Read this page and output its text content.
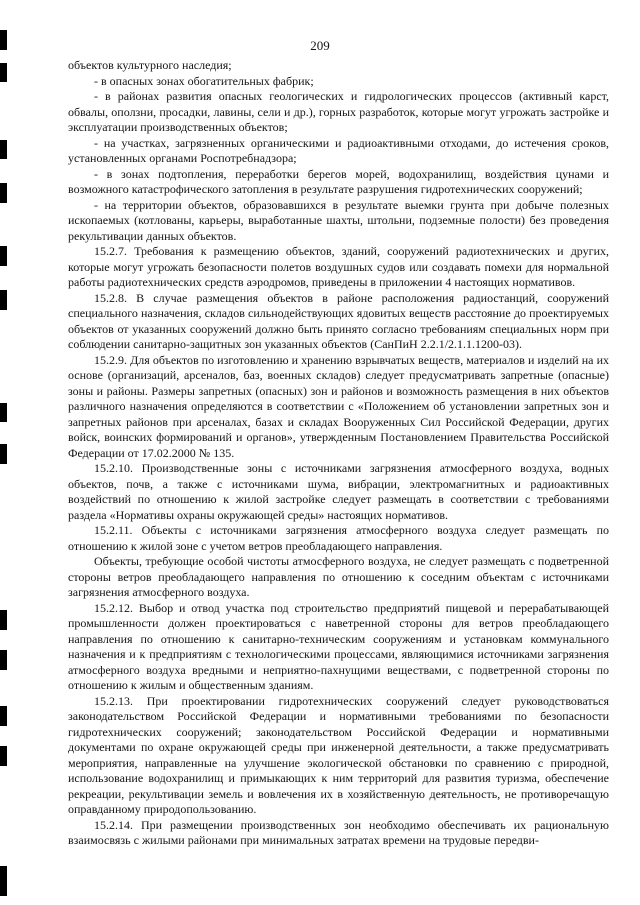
209

объектов культурного наследия;

- в опасных зонах обогатительных фабрик;

- в районах развития опасных геологических и гидрологических процессов (активный карст, обвалы, оползни, просадки, лавины, сели и др.), горных разработок, которые могут угрожать застройке и эксплуатации производственных объектов;

- на участках, загрязненных органическими и радиоактивными отходами, до истечения сроков, установленных органами Роспотребнадзора;

- в зонах подтопления, переработки берегов морей, водохранилищ, воздействия цунами и возможного катастрофического затопления в результате разрушения гидротехнических сооружений;

- на территории объектов, образовавшихся в результате выемки грунта при добыче полезных ископаемых (котлованы, карьеры, выработанные шахты, штольни, подземные полости) без проведения рекультивации данных объектов.

15.2.7. Требования к размещению объектов, зданий, сооружений радиотехнических и других, которые могут угрожать безопасности полетов воздушных судов или создавать помехи для нормальной работы радиотехнических средств аэродромов, приведены в приложении 4 настоящих нормативов.

15.2.8. В случае размещения объектов в районе расположения радиостанций, сооружений специального назначения, складов сильнодействующих ядовитых веществ расстояние до проектируемых объектов от указанных сооружений должно быть принято согласно требованиям специальных норм при соблюдении санитарно-защитных зон указанных объектов (СанПиН 2.2.1/2.1.1.1200-03).

15.2.9. Для объектов по изготовлению и хранению взрывчатых веществ, материалов и изделий на их основе (организаций, арсеналов, баз, военных складов) следует предусматривать запретные (опасные) зоны и районы. Размеры запретных (опасных) зон и районов и возможность размещения в них объектов различного назначения определяются в соответствии с «Положением об установлении запретных зон и запретных районов при арсеналах, базах и складах Вооруженных Сил Российской Федерации, других войск, воинских формирований и органов», утвержденным Постановлением Правительства Российской Федерации от 17.02.2000 № 135.

15.2.10. Производственные зоны с источниками загрязнения атмосферного воздуха, водных объектов, почв, а также с источниками шума, вибрации, электромагнитных и радиоактивных воздействий по отношению к жилой застройке следует размещать в соответствии с требованиями раздела «Нормативы охраны окружающей среды» настоящих нормативов.

15.2.11. Объекты с источниками загрязнения атмосферного воздуха следует размещать по отношению к жилой зоне с учетом ветров преобладающего направления.

Объекты, требующие особой чистоты атмосферного воздуха, не следует размещать с подветренной стороны ветров преобладающего направления по отношению к соседним объектам с источниками загрязнения атмосферного воздуха.

15.2.12. Выбор и отвод участка под строительство предприятий пищевой и перерабатывающей промышленности должен проектироваться с наветренной стороны для ветров преобладающего направления по отношению к санитарно-техническим сооружениям и установкам коммунального назначения и к предприятиям с технологическими процессами, являющимися источниками загрязнения атмосферного воздуха вредными и неприятно-пахнущими веществами, с подветренной стороны по отношению к жилым и общественным зданиям.

15.2.13. При проектировании гидротехнических сооружений следует руководствоваться законодательством Российской Федерации и нормативными требованиями по безопасности гидротехнических сооружений; законодательством Российской Федерации и нормативными документами по охране окружающей среды при инженерной деятельности, а также предусматривать мероприятия, направленные на улучшение экологической обстановки по сравнению с природной, использование водохранилищ и примыкающих к ним территорий для развития туризма, обеспечение рекреации, рекультивации земель и вовлечения их в хозяйственную деятельность, не противоречащую оправданному природопользованию.

15.2.14. При размещении производственных зон необходимо обеспечивать их рациональную взаимосвязь с жилыми районами при минимальных затратах времени на трудовые передви-
